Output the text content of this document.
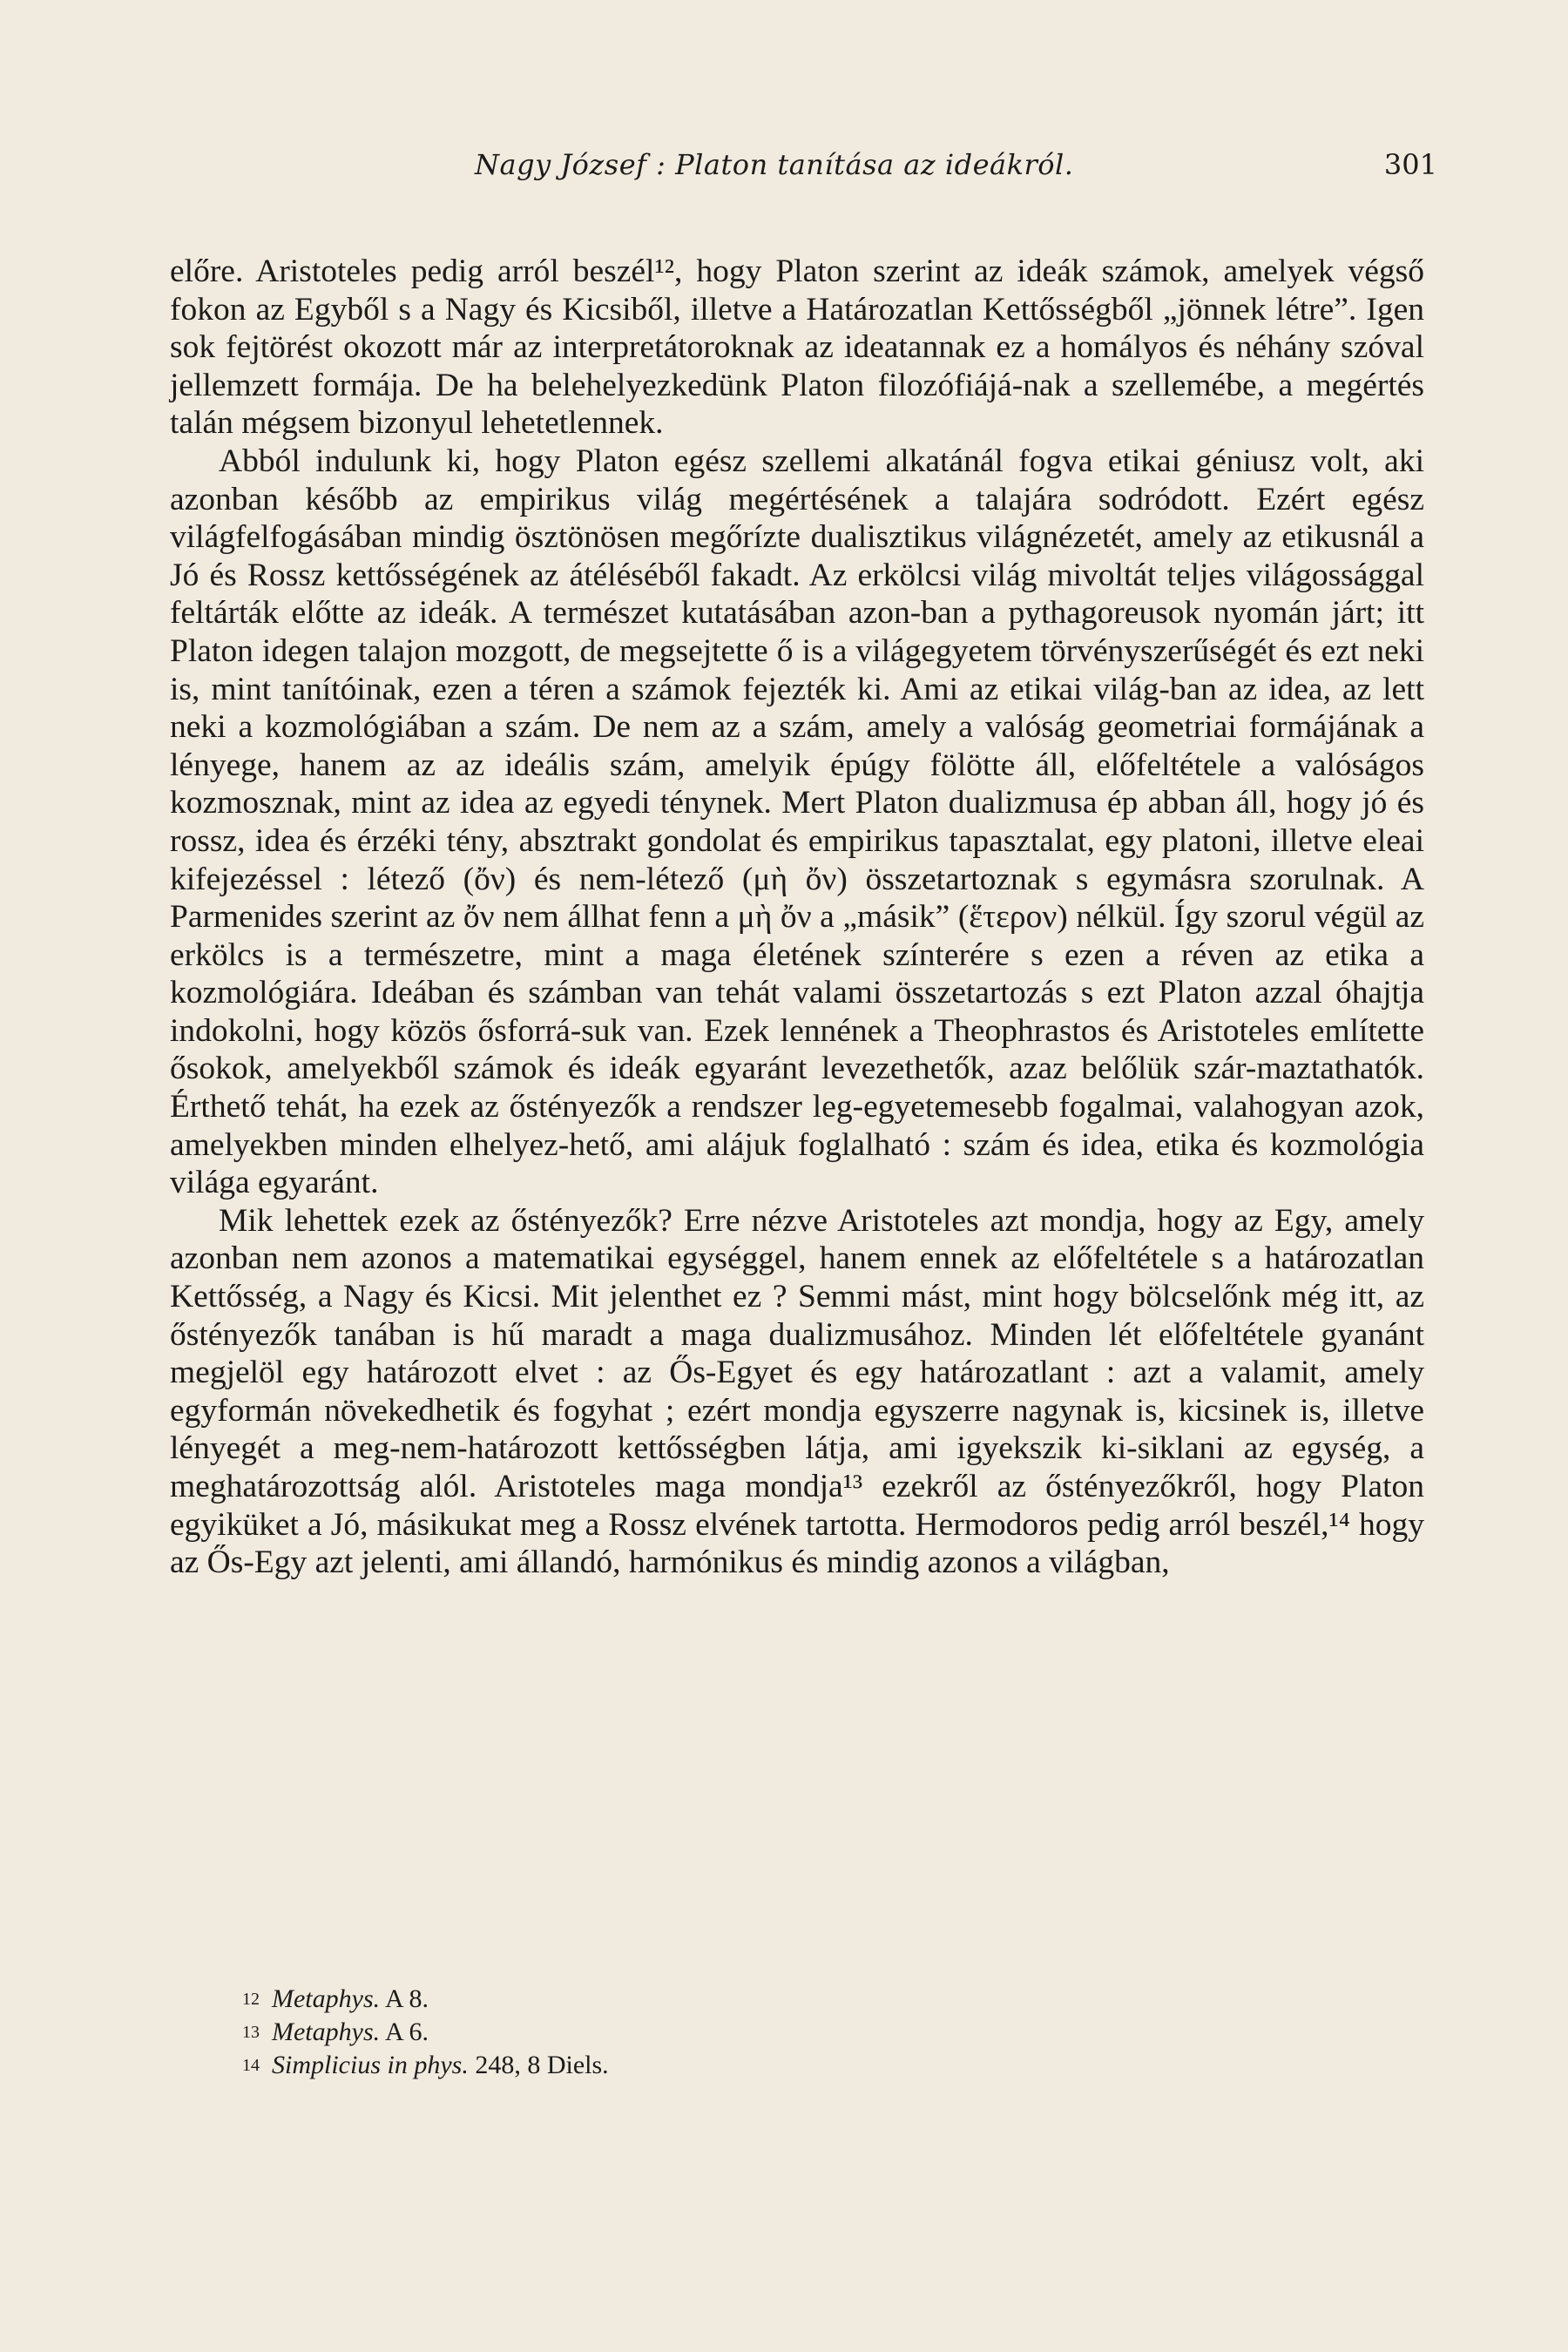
Nagy József : Platon tanítása az ideákról.	301

előre. Aristoteles pedig arról beszél¹², hogy Platon szerint az ideák számok, amelyek végső fokon az Egyből s a Nagy és Kicsiből, illetve a Határozatlan Kettősségből „jönnek létre”. Igen sok fejtörést okozott már az interpretátoroknak az ideatannak ez a homályos és néhány szóval jellemzett formája. De ha belehelyezkedünk Platon filozófiájá-nak a szellemébe, a megértés talán mégsem bizonyul lehetetlennek.

Abból indulunk ki, hogy Platon egész szellemi alkatánál fogva etikai géniusz volt, aki azonban később az empirikus világ megértésének a talajára sodródott. Ezért egész világfelfogásában mindig ösztönösen megőrízte dualisztikus világnézetét, amely az etikusnál a Jó és Rossz kettősségének az átéléséből fakadt. Az erkölcsi világ mivoltát teljes világossággal feltárták előtte az ideák. A természet kutatásában azon-ban a pythagoreusok nyomán járt; itt Platon idegen talajon mozgott, de megsejtette ő is a világegyetem törvényszerűségét és ezt neki is, mint tanítóinak, ezen a téren a számok fejezték ki. Ami az etikai világ-ban az idea, az lett neki a kozmológiában a szám. De nem az a szám, amely a valóság geometriai formájának a lényege, hanem az az ideális szám, amelyik épúgy fölötte áll, előfeltétele a valóságos kozmosznak, mint az idea az egyedi ténynek. Mert Platon dualizmusa ép abban áll, hogy jó és rossz, idea és érzéki tény, absztrakt gondolat és empirikus tapasztalat, egy platoni, illetve eleai kifejezéssel : létező (ὄν) és nem-létező (μὴ ὄν) összetartoznak s egymásra szorulnak. A Parmenides szerint az ὄν nem állhat fenn a μὴ ὄν a „másik” (ἕτερον) nélkül. Így szorul végül az erkölcs is a természetre, mint a maga életének színterére s ezen a réven az etika a kozmológiára. Ideában és számban van tehát valami összetartozás s ezt Platon azzal óhajtja indokolni, hogy közös ősforrá-suk van. Ezek lennének a Theophrastos és Aristoteles említette ősokok, amelyekből számok és ideák egyaránt levezethetők, azaz belőlük szár-maztathatók. Érthető tehát, ha ezek az őstényezők a rendszer leg-egyetemesebb fogalmai, valahogyan azok, amelyekben minden elhelyez-hető, ami alájuk foglalható : szám és idea, etika és kozmológia világa egyaránt.

Mik lehettek ezek az őstényezők? Erre nézve Aristoteles azt mondja, hogy az Egy, amely azonban nem azonos a matematikai egységgel, hanem ennek az előfeltétele s a határozatlan Kettősség, a Nagy és Kicsi. Mit jelenthet ez ? Semmi mást, mint hogy bölcselőnk még itt, az őstényezők tanában is hű maradt a maga dualizmusához. Minden lét előfeltétele gyanánt megjelöl egy határozott elvet : az Ős-Egyet és egy határozatlant : azt a valamit, amely egyformán növekedhetik és fogyhat ; ezért mondja egyszerre nagynak is, kicsinek is, illetve lényegét a meg-nem-határozott kettősségben látja, ami igyekszik ki-siklani az egység, a meghatározottság alól. Aristoteles maga mondja¹³ ezekről az őstényezőkről, hogy Platon egyiküket a Jó, másikukat meg a Rossz elvének tartotta. Hermodoros pedig arról beszél,¹⁴ hogy az Ős-Egy azt jelenti, ami állandó, harmónikus és mindig azonos a világban,

12 Metaphys. A 8.
13 Metaphys. A 6.
14 Simplicius in phys. 248, 8 Diels.
